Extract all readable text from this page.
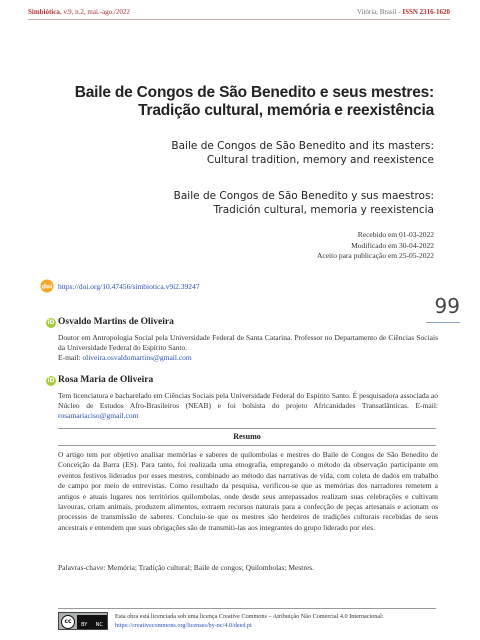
Simbiótica, v.9, n.2, mai.-ago./2022	Vitória, Brasil - ISSN 2316-1620
Baile de Congos de São Benedito e seus mestres:
Tradição cultural, memória e reexistência
Baile de Congos de São Benedito and its masters:
Cultural tradition, memory and reexistence
Baile de Congos de São Benedito y sus maestros:
Tradición cultural, memoria y reexistencia
Recebido em 01-03-2022
Modificado em 30-04-2022
Aceito para publicação em 25-05-2022
doi https://doi.org/10.47456/simbiotica.v9i2.39247
99
iD Osvaldo Martins de Oliveira
Doutor em Antropologia Social pela Universidade Federal de Santa Catarina. Professor no Departamento de Ciências Sociais da Universidade Federal do Espírito Santo.
E-mail: oliveira.osvaldomartins@gmail.com
iD Rosa Maria de Oliveira
Tem licenciatura e bacharelado em Ciências Sociais pela Universidade Federal do Espírito Santo. É pesquisadora associada ao Núcleo de Estudos Afro-Brasileiros (NEAB) e foi bolsista do projeto Africanidades Transatlânticas. E-mail: rosamariaciso@gmail.com
Resumo
O artigo tem por objetivo analisar memórias e saberes de quilombolas e mestres do Baile de Congos de São Benedito de Conceição da Barra (ES). Para tanto, foi realizada uma etnografia, empregando o método da observação participante em eventos festivos liderados por esses mestres, combinado ao método das narrativas de vida, com coleta de dados em trabalho de campo por meio de entrevistas. Como resultado da pesquisa, verificou-se que as memórias dos narradores remetem a antigos e atuais lugares nos territórios quilombolas, onde desde seus antepassados realizam suas celebrações e cultivam lavouras, criam animais, produzem alimentos, extraem recursos naturais para a confecção de peças artesanais e acionam os processos de transmissão de saberes. Concluiu-se que os mestres são herdeiros de tradições culturais recebidas de seus ancestrais e entendem que suas obrigações são de transmiti-las aos integrantes do grupo liderado por eles.
Palavras-chave: Memória; Tradição cultural; Baile de congos; Quilombolas; Mestres.
cc	BY NC
Esta obra está licenciada sob uma licença Creative Commons – Atribuição Não Comercial 4.0 Internacional:
https://creativecommons.org/licenses/by-nc/4.0/deed.pt
